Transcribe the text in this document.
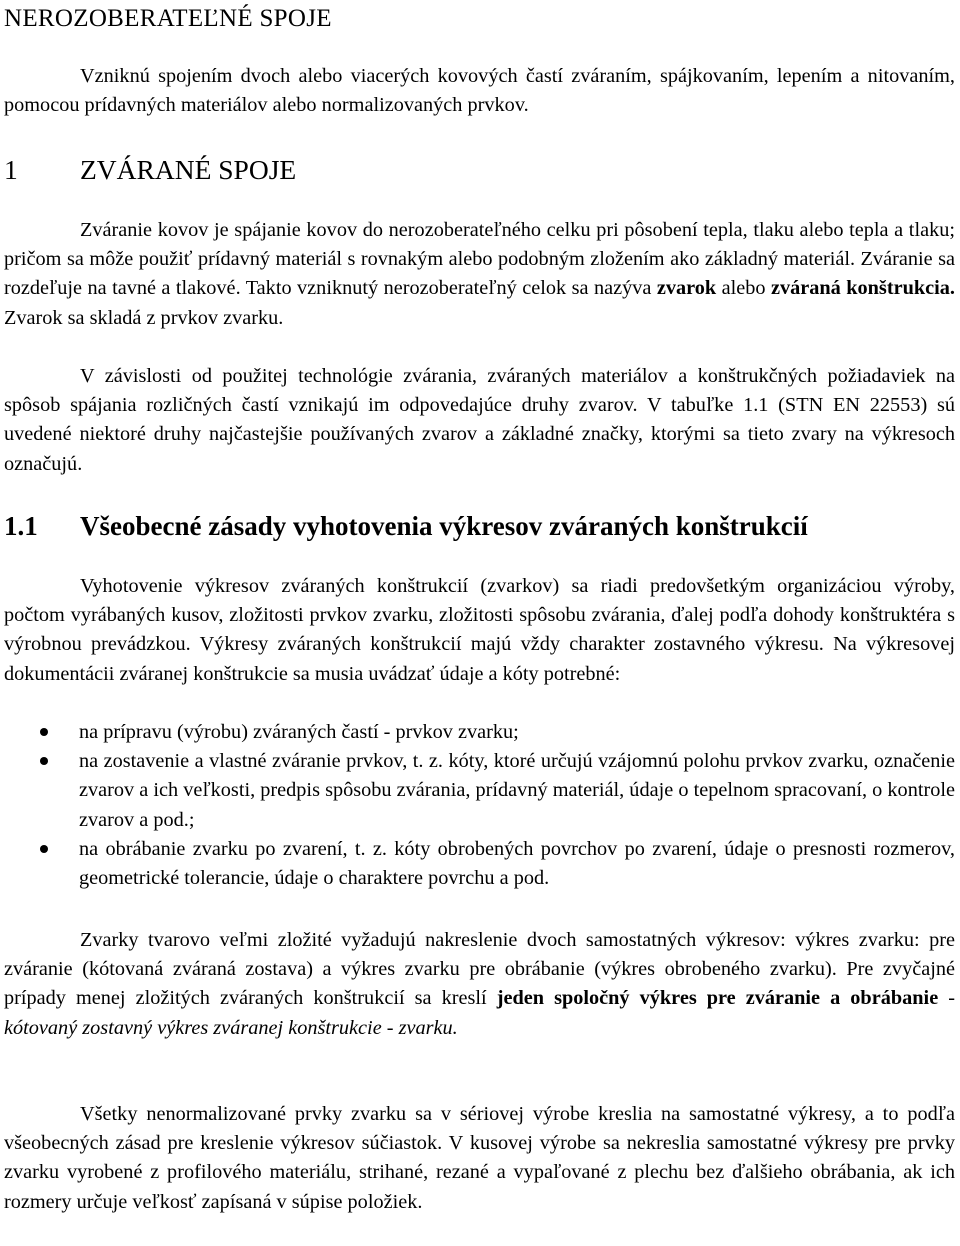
NEROZOBERATEĽNÉ SPOJE

Vzniknú spojením dvoch alebo viacerých kovových častí zváraním, spájkovaním, lepením a nitovaním, pomocou prídavných materiálov alebo normalizovaných prvkov.

1 ZVÁRANÉ SPOJE

Zváranie kovov je spájanie kovov do nerozoberateľného celku pri pôsobení tepla, tlaku alebo tepla a tlaku; pričom sa môže použiť prídavný materiál s rovnakým alebo podobným zložením ako základný materiál. Zváranie sa rozdeľuje na tavné a tlakové. Takto vzniknutý nerozoberateľný celok sa nazýva zvarok alebo zváraná konštrukcia. Zvarok sa skladá z prvkov zvarku.

V závislosti od použitej technológie zvárania, zváraných materiálov a konštrukčných požiadaviek na spôsob spájania rozličných častí vznikajú im odpovedajúce druhy zvarov. V tabuľke 1.1 (STN EN 22553) sú uvedené niektoré druhy najčastejšie používaných zvarov a základné značky, ktorými sa tieto zvary na výkresoch označujú.

1.1 Všeobecné zásady vyhotovenia výkresov zváraných konštrukcií

Vyhotovenie výkresov zváraných konštrukcií (zvarkov) sa riadi predovšetkým organizáciou výroby, počtom vyrábaných kusov, zložitosti prvkov zvarku, zložitosti spôsobu zvárania, ďalej podľa dohody konštruktéra s výrobnou prevádzkou. Výkresy zváraných konštrukcií majú vždy charakter zostavného výkresu. Na výkresovej dokumentácii zváranej konštrukcie sa musia uvádzať údaje a kóty potrebné:

na prípravu (výrobu) zváraných častí - prvkov zvarku;
na zostavenie a vlastné zváranie prvkov, t. z. kóty, ktoré určujú vzájomnú polohu prvkov zvarku, označenie zvarov a ich veľkosti, predpis spôsobu zvárania, prídavný materiál, údaje o tepelnom spracovaní, o kontrole zvarov a pod.;
na obrábanie zvarku po zvarení, t. z. kóty obrobených povrchov po zvarení, údaje o presnosti rozmerov, geometrické tolerancie, údaje o charaktere povrchu a pod.

Zvarky tvarovo veľmi zložité vyžadujú nakreslenie dvoch samostatných výkresov: výkres zvarku: pre zváranie (kótovaná zváraná zostava) a výkres zvarku pre obrábanie (výkres obrobeného zvarku). Pre zvyčajné prípady menej zložitých zváraných konštrukcií sa kreslí jeden spoločný výkres pre zváranie a obrábanie - kótovaný zostavný výkres zváranej konštrukcie - zvarku.

Všetky nenormalizované prvky zvarku sa v sériovej výrobe kreslia na samostatné výkresy, a to podľa všeobecných zásad pre kreslenie výkresov súčiastok. V kusovej výrobe sa nekreslia samostatné výkresy pre prvky zvarku vyrobené z profilového materiálu, strihané, rezané a vypaľované z plechu bez ďalšieho obrábania, ak ich rozmery určuje veľkosť zapísaná v súpise položiek.
